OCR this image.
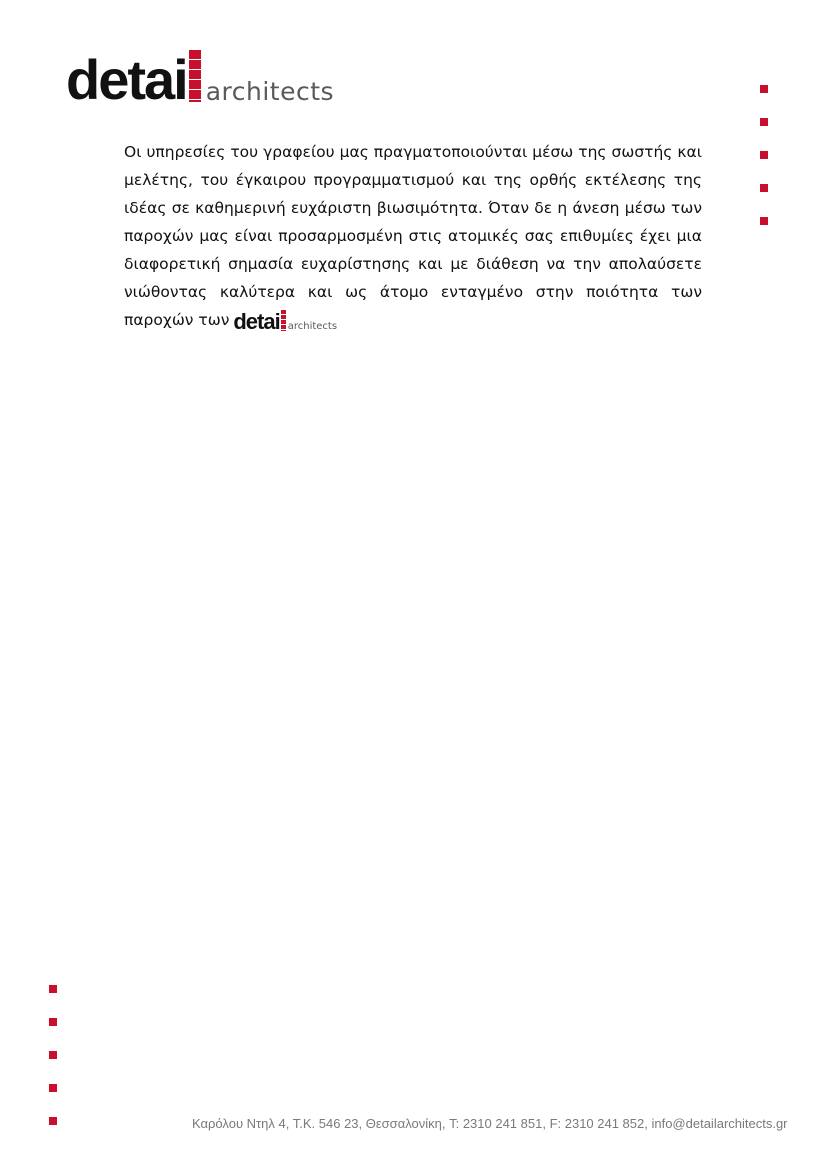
detai architects

Οι υπηρεσίες του γραφείου μας πραγματοποιούνται μέσω της σωστής και μελέτης, του έγκαιρου προγραμματισμού και της ορθής εκτέλεσης της ιδέας σε καθημερινή ευχάριστη βιωσιμότητα. Όταν δε η άνεση μέσω των παροχών μας είναι προσαρμοσμένη στις ατομικές σας επιθυμίες έχει μια διαφορετική σημασία ευχαρίστησης και με διάθεση να την απολαύσετε νιώθοντας καλύτερα και ως άτομο ενταγμένο στην ποιότητα των παροχών των detai architects

Καρόλου Ντηλ 4, Τ.Κ. 546 23, Θεσσαλονίκη, T: 2310 241 851, F: 2310 241 852, info@detailarchitects.gr
